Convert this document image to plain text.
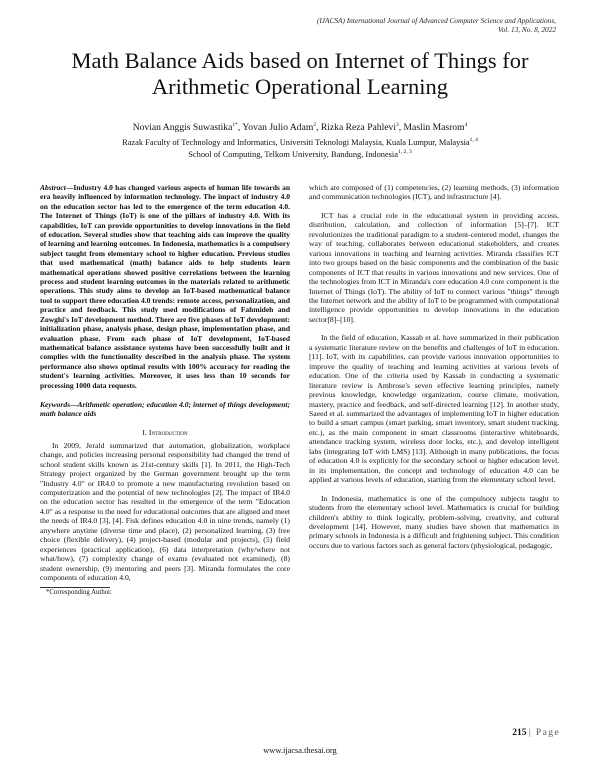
(IJACSA) International Journal of Advanced Computer Science and Applications,
Vol. 13, No. 8, 2022
Math Balance Aids based on Internet of Things for
Arithmetic Operational Learning
Novian Anggis Suwastika$^{1*}$, Yovan Julio Adam$^2$, Rizka Reza Pahlevi$^3$, Maslin Masrom$^4$
Razak Faculty of Technology and Informatics, Universiti Teknologi Malaysia, Kuala Lumpur, Malaysia$^{1, 4}$
School of Computing, Telkom University, Bandung, Indonesia$^{1, 2, 3}$

Abstract—Industry 4.0 has changed various aspects of human life towards an era heavily influenced by information technology. The impact of industry 4.0 on the education sector has led to the emergence of the term education 4.0. The Internet of Things (IoT) is one of the pillars of industry 4.0. With its capabilities, IoT can provide opportunities to develop innovations in the field of education. Several studies show that teaching aids can improve the quality of learning and learning outcomes. In Indonesia, mathematics is a compulsory subject taught from elementary school to higher education. Previous studies that used mathematical (math) balance aids to help students learn mathematical operations showed positive correlations between the learning process and student learning outcomes in the materials related to arithmetic operations. This study aims to develop an IoT-based mathematical balance tool to support three education 4.0 trends: remote access, personalization, and practice and feedback. This study used modifications of Fahmideh and Zowghi's IoT development method. There are five phases of IoT development: initialization phase, analysis phase, design phase, implementation phase, and evaluation phase. From each phase of IoT development, IoT-based mathematical balance assistance systems have been successfully built and it complies with the functionality described in the analysis phase. The system performance also shows optimal results with 100% accuracy for reading the student's learning activities. Moreover, it uses less than 10 seconds for processing 1000 data requests.

Keywords—Arithmetic operation; education 4.0; internet of things development; math balance aids

I. Introduction

In 2009, Jerald summarized that automation, globalization, workplace change, and policies increasing personal responsibility had changed the trend of school student skills known as 21st-century skills [1]. In 2011, the High-Tech Strategy project organized by the German government brought up the term "Industry 4.0" or IR4.0 to promote a new manufacturing revolution based on computerization and the potential of new technologies [2]. The impact of IR4.0 on the education sector has resulted in the emergence of the term "Education 4.0" as a response to the need for educational outcomes that are aligned and meet the needs of IR4.0 [3], [4]. Fisk defines education 4.0 in nine trends, namely (1) anywhere anytime (diverse time and place), (2) personalized learning, (3) free choice (flexible delivery), (4) project-based (modular and projects), (5) field experiences (practical application), (6) data interpretation (why/where not what/how), (7) complexity change of exams (evaluated not examined), (8) student ownership, (9) mentoring and peers [3]. Miranda formulates the core components of education 4.0,

*Corresponding Author.

which are composed of (1) competencies, (2) learning methods, (3) information and communication technologies (ICT), and infrastructure [4].

ICT has a crucial role in the educational system in providing access, distribution, calculation, and collection of information [5]–[7]. ICT revolutionizes the traditional paradigm to a student-centered model, changes the way of teaching, collaborates between educational stakeholders, and creates various innovations in teaching and learning activities. Miranda classifies ICT into two groups based on the basic components and the combination of the basic components of ICT that results in various innovations and new services. One of the technologies from ICT in Miranda's core education 4.0 core component is the Internet of Things (IoT). The ability of IoT to connect various "things" through the Internet network and the ability of IoT to be programmed with computational intelligence provide opportunities to develop innovations in the education sector[8]–[10].

In the field of education, Kassab et al. have summarized in their publication a systematic literature review on the benefits and challenges of IoT in education. [11]. IoT, with its capabilities, can provide various innovation opportunities to improve the quality of teaching and learning activities at various levels of education. One of the criteria used by Kassab in conducting a systematic literature review is Ambrose's seven effective learning principles, namely previous knowledge, knowledge organization, course climate, motivation, mastery, practice and feedback, and self-directed learning [12]. In another study, Saeed et al. summarized the advantages of implementing IoT in higher education to build a smart campus (smart parking, smart inventory, smart student tracking, etc.), as the main component in smart classrooms (interactive whiteboards, attendance tracking system, wireless door locks, etc.), and develop intelligent labs (integrating IoT with LMS) [13]. Although in many publications, the focus of education 4.0 is explicitly for the secondary school or higher education level, in its implementation, the concept and technology of education 4.0 can be applied at various levels of education, starting from the elementary school level.

In Indonesia, mathematics is one of the compulsory subjects taught to students from the elementary school level. Mathematics is crucial for building children's ability to think logically, problem-solving, creativity, and cultural development [14]. However, many studies have shown that mathematics in primary schools in Indonesia is a difficult and frightening subject. This condition occurs due to various factors such as general factors (physiological, pedagogic,

215 | Page
www.ijacsa.thesai.org
